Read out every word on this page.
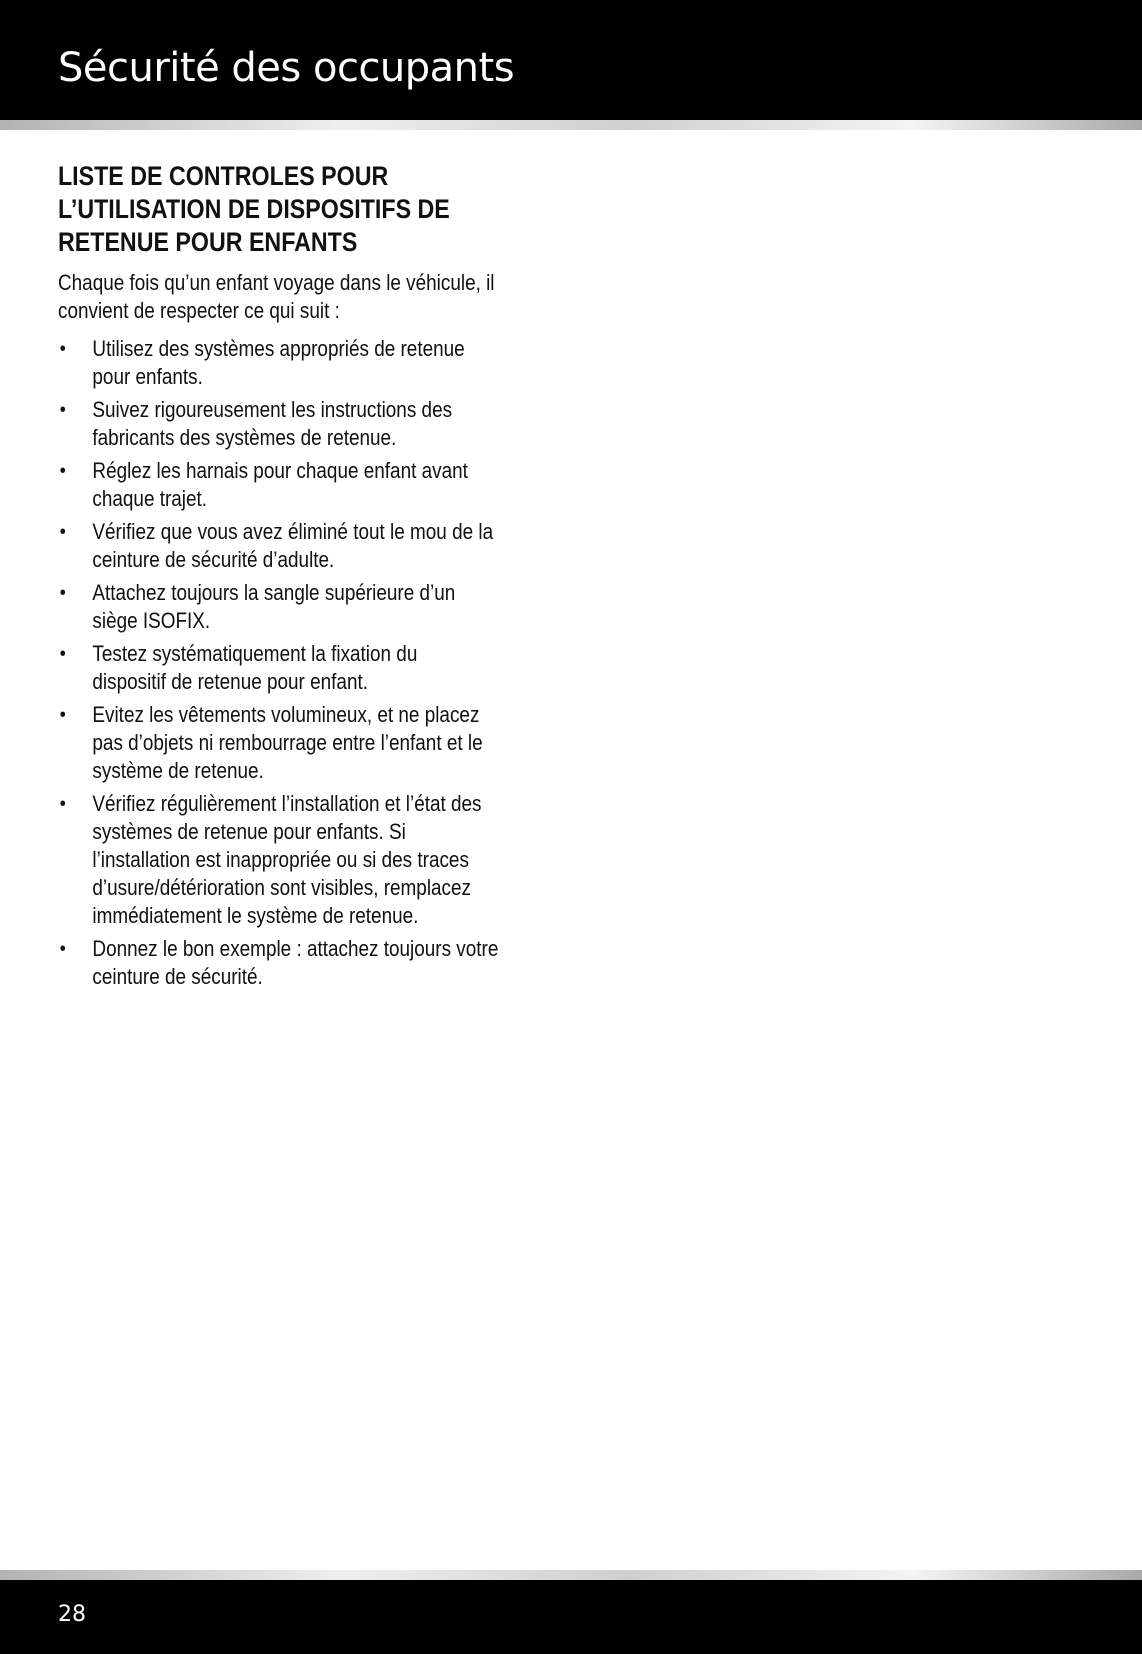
Sécurité des occupants
LISTE DE CONTROLES POUR
L’UTILISATION DE DISPOSITIFS DE
RETENUE POUR ENFANTS

Chaque fois qu’un enfant voyage dans le véhicule, il
convient de respecter ce qui suit :

• Utilisez des systèmes appropriés de retenue
pour enfants.
• Suivez rigoureusement les instructions des
fabricants des systèmes de retenue.
• Réglez les harnais pour chaque enfant avant
chaque trajet.
• Vérifiez que vous avez éliminé tout le mou de la
ceinture de sécurité d’adulte.
• Attachez toujours la sangle supérieure d’un
siège ISOFIX.
• Testez systématiquement la fixation du
dispositif de retenue pour enfant.
• Evitez les vêtements volumineux, et ne placez
pas d’objets ni rembourrage entre l’enfant et le
système de retenue.
• Vérifiez régulièrement l’installation et l’état des
systèmes de retenue pour enfants. Si
l’installation est inappropriée ou si des traces
d’usure/détérioration sont visibles, remplacez
immédiatement le système de retenue.
• Donnez le bon exemple : attachez toujours votre
ceinture de sécurité.
28
